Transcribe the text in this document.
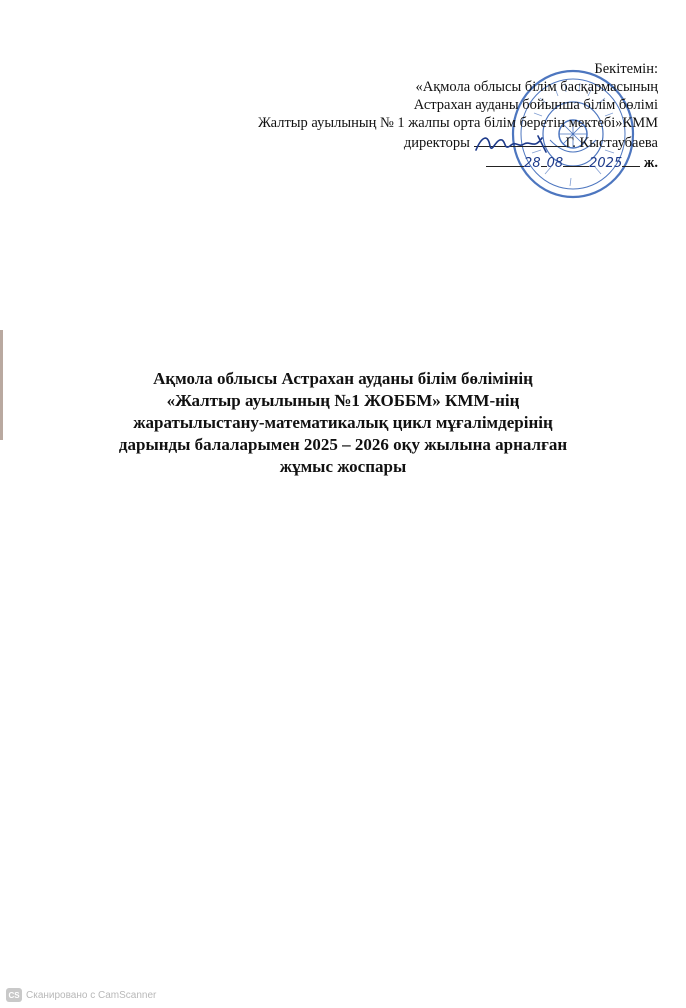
Бекітемін:
«Ақмола облысы білім басқармасының
Астрахан ауданы бойынша білім бөлімі
Жалтыр ауылының № 1 жалпы орта білім беретін мектебі»КММ
директоры	Г. Кыстаубаева
28 08 2025 ж.
Ақмола облысы Астрахан ауданы білім бөлімінің
«Жалтыр ауылының №1 ЖОББМ» КММ-нің
жаратылыстану-математикалық цикл мұғалімдерінің
дарынды балаларымен 2025 – 2026 оқу жылына арналған
жұмыс жоспары
CS Сканировано с CamScanner
